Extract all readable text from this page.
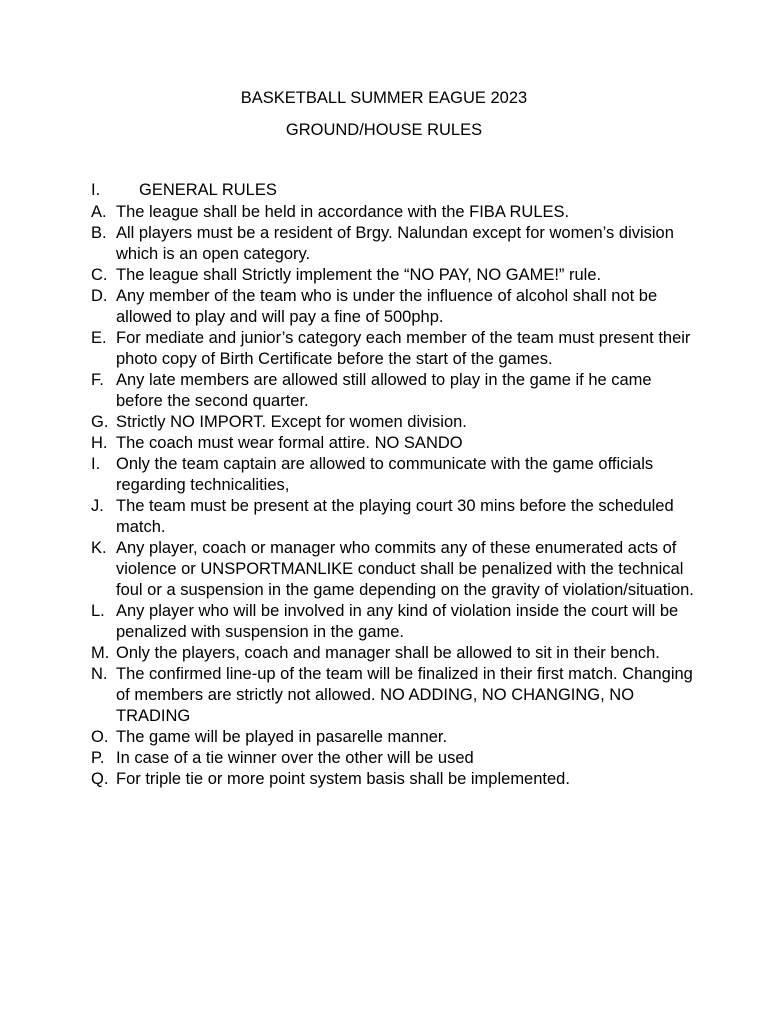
BASKETBALL SUMMER EAGUE 2023
GROUND/HOUSE RULES
I. GENERAL RULES
A. The league shall be held in accordance with the FIBA RULES.
B. All players must be a resident of Brgy. Nalundan except for women’s division which is an open category.
C. The league shall Strictly implement the “NO PAY, NO GAME!” rule.
D. Any member of the team who is under the influence of alcohol shall not be allowed to play and will pay a fine of 500php.
E. For mediate and junior’s category each member of the team must present their photo copy of Birth Certificate before the start of the games.
F. Any late members are allowed still allowed to play in the game if he came before the second quarter.
G. Strictly NO IMPORT. Except for women division.
H. The coach must wear formal attire. NO SANDO
I. Only the team captain are allowed to communicate with the game officials regarding technicalities,
J. The team must be present at the playing court 30 mins before the scheduled match.
K. Any player, coach or manager who commits any of these enumerated acts of violence or UNSPORTMANLIKE conduct shall be penalized with the technical foul or a suspension in the game depending on the gravity of violation/situation.
L. Any player who will be involved in any kind of violation inside the court will be penalized with suspension in the game.
M. Only the players, coach and manager shall be allowed to sit in their bench.
N. The confirmed line-up of the team will be finalized in their first match. Changing of members are strictly not allowed. NO ADDING, NO CHANGING, NO TRADING
O. The game will be played in pasarelle manner.
P. In case of a tie winner over the other will be used
Q. For triple tie or more point system basis shall be implemented.
